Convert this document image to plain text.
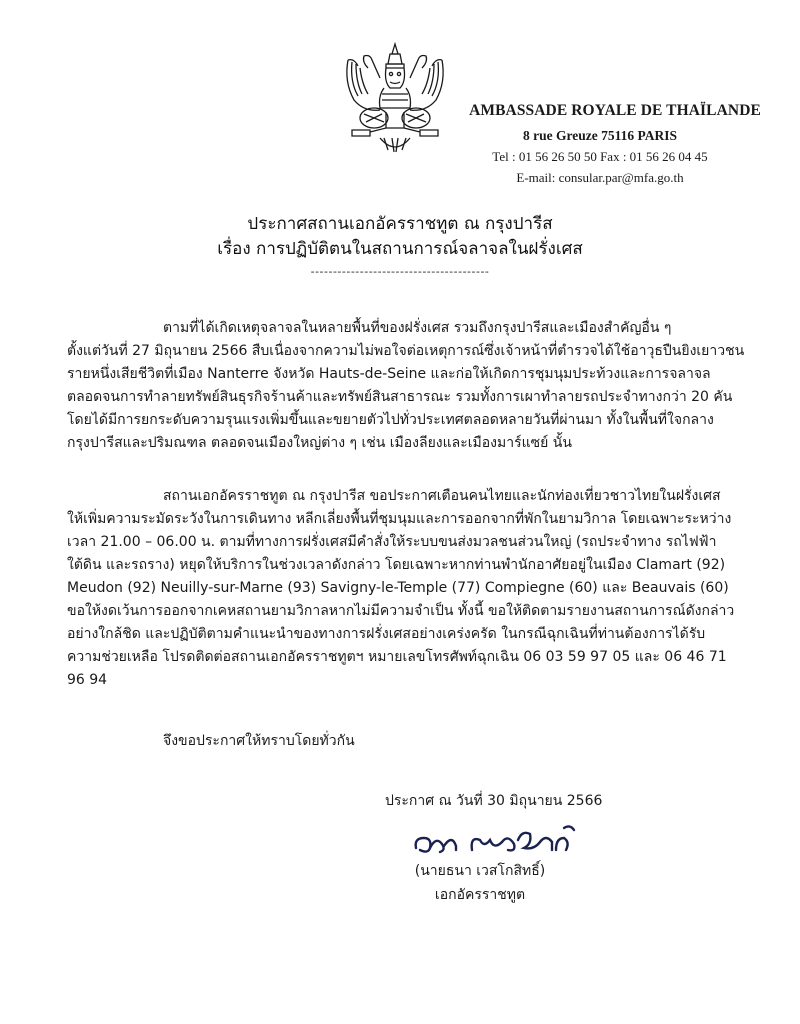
AMBASSADE ROYALE DE THAÏLANDE
8 rue Greuze 75116 PARIS
Tel : 01 56 26 50 50 Fax : 01 56 26 04 45
E-mail: consular.par@mfa.go.th
ประกาศสถานเอกอัครราชทูต ณ กรุงปารีส
เรื่อง การปฏิบัติตนในสถานการณ์จลาจลในฝรั่งเศส
----------------------------------------
ตามที่ได้เกิดเหตุจลาจลในหลายพื้นที่ของฝรั่งเศส รวมถึงกรุงปารีสและเมืองสำคัญอื่น ๆ
ตั้งแต่วันที่ 27 มิถุนายน 2566 สืบเนื่องจากความไม่พอใจต่อเหตุการณ์ซึ่งเจ้าหน้าที่ตำรวจได้ใช้อาวุธปืนยิงเยาวชน
รายหนึ่งเสียชีวิตที่เมือง Nanterre จังหวัด Hauts-de-Seine และก่อให้เกิดการชุมนุมประท้วงและการจลาจล
ตลอดจนการทำลายทรัพย์สินธุรกิจร้านค้าและทรัพย์สินสาธารณะ รวมทั้งการเผาทำลายรถประจำทางกว่า 20 คัน
โดยได้มีการยกระดับความรุนแรงเพิ่มขึ้นและขยายตัวไปทั่วประเทศตลอดหลายวันที่ผ่านมา ทั้งในพื้นที่ใจกลาง
กรุงปารีสและปริมณฑล ตลอดจนเมืองใหญ่ต่าง ๆ เช่น เมืองลียงและเมืองมาร์แซย์ นั้น
สถานเอกอัครราชทูต ณ กรุงปารีส ขอประกาศเตือนคนไทยและนักท่องเที่ยวชาวไทยในฝรั่งเศส
ให้เพิ่มความระมัดระวังในการเดินทาง หลีกเลี่ยงพื้นที่ชุมนุมและการออกจากที่พักในยามวิกาล โดยเฉพาะระหว่าง
เวลา 21.00 – 06.00 น. ตามที่ทางการฝรั่งเศสมีคำสั่งให้ระบบขนส่งมวลชนส่วนใหญ่ (รถประจำทาง รถไฟฟ้า
ใต้ดิน และรถราง) หยุดให้บริการในช่วงเวลาดังกล่าว โดยเฉพาะหากท่านพำนักอาศัยอยู่ในเมือง Clamart (92)
Meudon (92) Neuilly-sur-Marne (93) Savigny-le-Temple (77) Compiegne (60) และ Beauvais (60)
ขอให้งดเว้นการออกจากเคหสถานยามวิกาลหากไม่มีความจำเป็น ทั้งนี้ ขอให้ติดตามรายงานสถานการณ์ดังกล่าว
อย่างใกล้ชิด และปฏิบัติตามคำแนะนำของทางการฝรั่งเศสอย่างเคร่งครัด ในกรณีฉุกเฉินที่ท่านต้องการได้รับ
ความช่วยเหลือ โปรดติดต่อสถานเอกอัครราชทูตฯ หมายเลขโทรศัพท์ฉุกเฉิน 06 03 59 97 05 และ 06 46 71
96 94
จึงขอประกาศให้ทราบโดยทั่วกัน
ประกาศ ณ วันที่ 30 มิถุนายน 2566
(นายธนา เวสโกสิทธิ์)
เอกอัครราชทูต
